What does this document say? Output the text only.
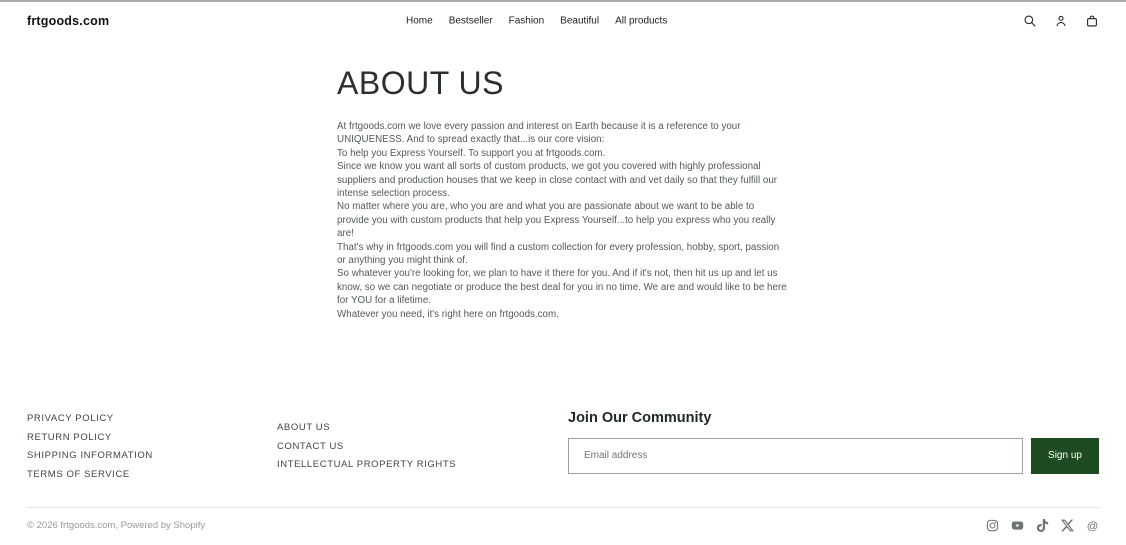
frtgoods.com	Home Bestseller Fashion Beautiful All products
ABOUT US

At frtgoods.com we love every passion and interest on Earth because it is a reference to your UNIQUENESS. And to spread exactly that...is our core vision:

To help you Express Yourself. To support you at frtgoods.com.

Since we know you want all sorts of custom products, we got you covered with highly professional suppliers and production houses that we keep in close contact with and vet daily so that they fulfill our intense selection process.

No matter where you are, who you are and what you are passionate about we want to be able to provide you with custom products that help you Express Yourself...to help you express who you really are!

That's why in frtgoods.com you will find a custom collection for every profession, hobby, sport, passion or anything you might think of.

So whatever you're looking for, we plan to have it there for you. And if it's not, then hit us up and let us know, so we can negotiate or produce the best deal for you in no time. We are and would like to be here for YOU for a lifetime.

Whatever you need, it's right here on frtgoods.com.

PRIVACY POLICY
RETURN POLICY
SHIPPING INFORMATION
TERMS OF SERVICE
ABOUT US
CONTACT US
INTELLECTUAL PROPERTY RIGHTS
Join Our Community
Email address
Sign up
© 2026 frtgoods.com, Powered by Shopify	@
